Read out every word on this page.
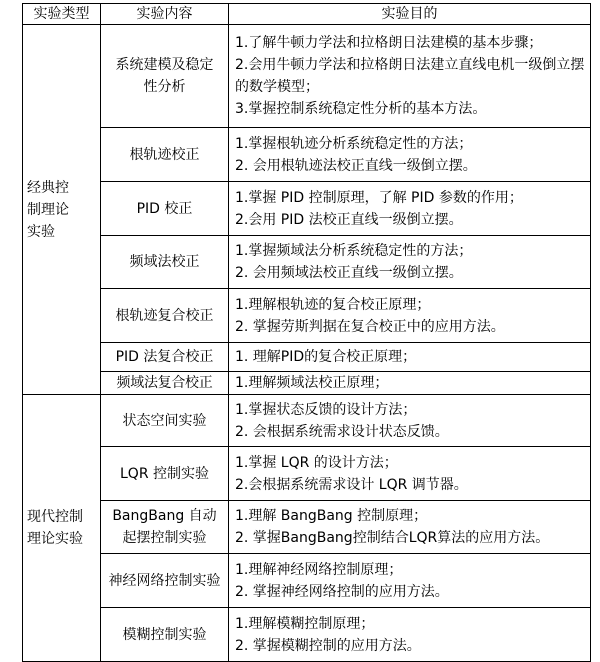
实验类型	实验内容	实验目的
经典控制理论实验	系统建模及稳定性分析	1.了解牛顿力学法和拉格朗日法建模的基本步骤；
2.会用牛顿力学法和拉格朗日法建立直线电机一级倒立摆的数学模型；
3.掌握控制系统稳定性分析的基本方法。

	根轨迹校正	1.掌握根轨迹分析系统稳定性的方法；
2. 会用根轨迹法校正直线一级倒立摆。

	PID 校正	1.掌握 PID 控制原理，了解 PID 参数的作用；
2.会用 PID 法校正直线一级倒立摆。

	频域法校正	1.掌握频域法分析系统稳定性的方法；
2. 会用频域法校正直线一级倒立摆。

	根轨迹复合校正	1.理解根轨迹的复合校正原理；
2. 掌握劳斯判据在复合校正中的应用方法。

	PID 法复合校正	1. 理解PID的复合校正原理；

	频域法复合校正	1.理解频域法校正原理；

现代控制理论实验	状态空间实验	1.掌握状态反馈的设计方法；
2. 会根据系统需求设计状态反馈。

	LQR 控制实验	1.掌握 LQR 的设计方法；
2.会根据系统需求设计 LQR 调节器。

	BangBang 自动起摆控制实验	1.理解 BangBang 控制原理；
2. 掌握BangBang控制结合LQR算法的应用方法。

	神经网络控制实验	1.理解神经网络控制原理；
2. 掌握神经网络控制的应用方法。

	模糊控制实验	1.理解模糊控制原理；
2. 掌握模糊控制的应用方法。
